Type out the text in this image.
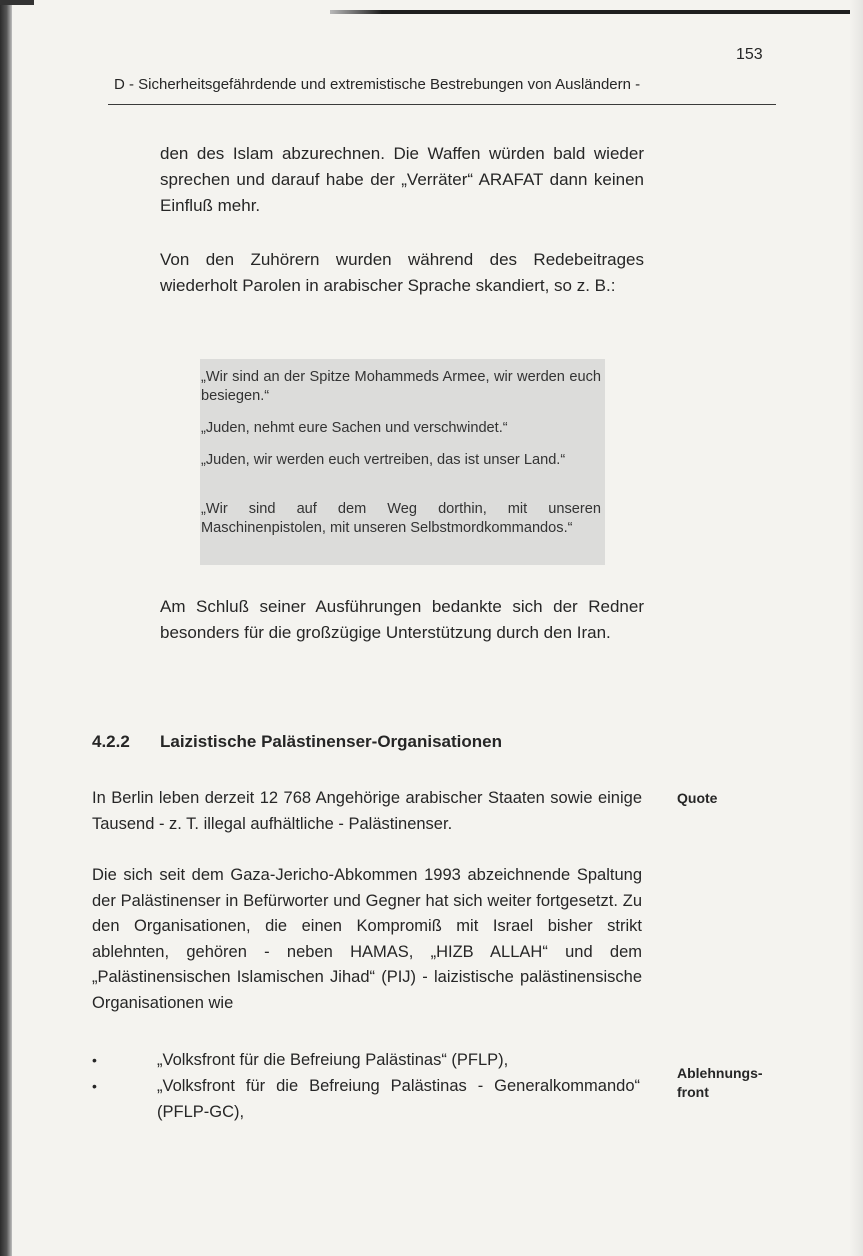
153
D - Sicherheitsgefährdende und extremistische Bestrebungen von Ausländern -
den des Islam abzurechnen. Die Waffen würden bald wieder sprechen und darauf habe der „Verräter“ ARAFAT dann keinen Einfluß mehr.
Von den Zuhörern wurden während des Redebeitrages wiederholt Parolen in arabischer Sprache skandiert, so z. B.:
„Wir sind an der Spitze Mohammeds Armee, wir werden euch besiegen.“
„Juden, nehmt eure Sachen und verschwindet.“
„Juden, wir werden euch vertreiben, das ist unser Land.“
„Wir sind auf dem Weg dorthin, mit unseren Maschinenpistolen, mit unseren Selbstmordkommandos.“
Am Schluß seiner Ausführungen bedankte sich der Redner besonders für die großzügige Unterstützung durch den Iran.
4.2.2 Laizistische Palästinenser-Organisationen
In Berlin leben derzeit 12 768 Angehörige arabischer Staaten sowie einige Tausend - z. T. illegal aufhältliche - Palästinenser.
Quote
Die sich seit dem Gaza-Jericho-Abkommen 1993 abzeichnende Spaltung der Palästinenser in Befürworter und Gegner hat sich weiter fortgesetzt. Zu den Organisationen, die einen Kompromiß mit Israel bisher strikt ablehnten, gehören - neben HAMAS, „HIZB ALLAH“ und dem „Palästinensischen Islamischen Jihad“ (PIJ) - laizistische palästinensische Organisationen wie
•	„Volksfront für die Befreiung Palästinas“ (PFLP),
•	„Volksfront für die Befreiung Palästinas - Generalkommando“ (PFLP-GC),
Ablehnungs-front
